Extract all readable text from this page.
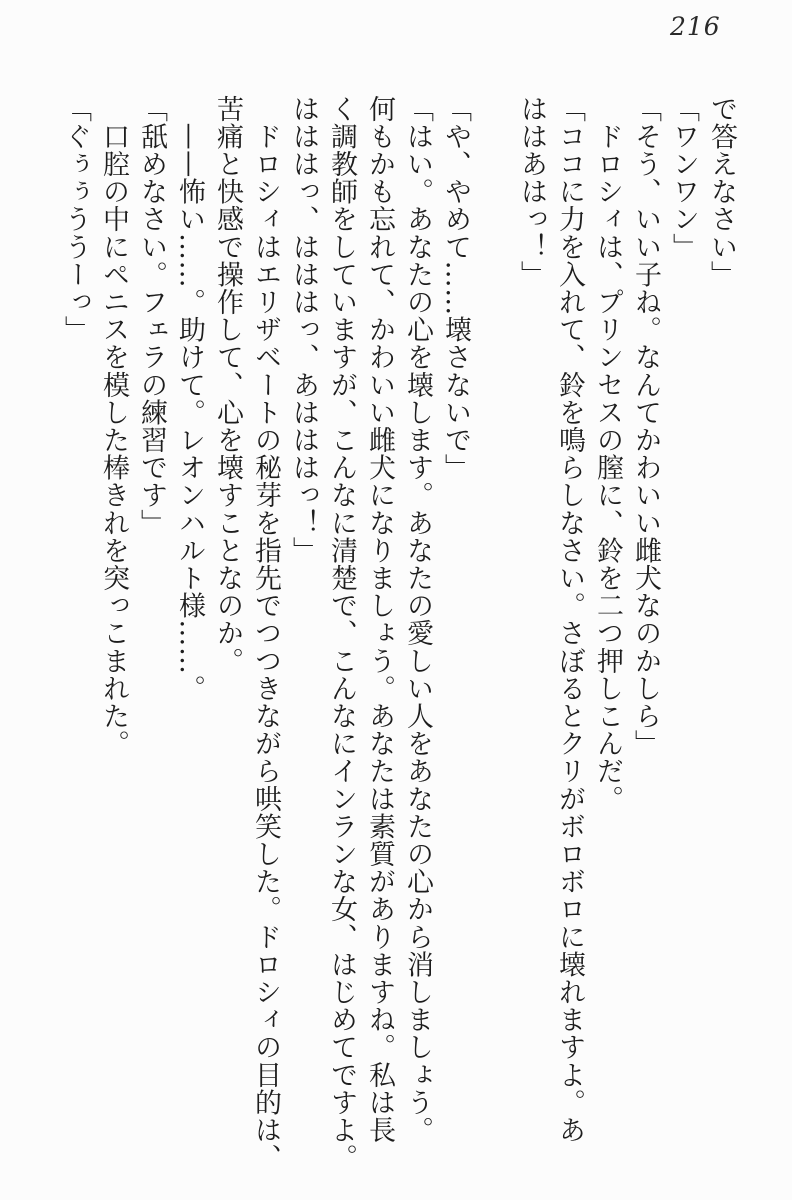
216

で答えなさい」

「ワンワン」

「そう、いい子ね。なんてかわいい雌犬なのかしら」

　ドロシィは、プリンセスの膣に、鈴を二つ押しこんだ。

「ココに力を入れて、鈴を鳴らしなさい。さぼるとクリがボロボロに壊れますよ。あ

ははあはっ！」

「や、やめて……壊さないで」

「はい。あなたの心を壊します。あなたの愛しい人をあなたの心から消しましょう。

何もかも忘れて、かわいい雌犬になりましょう。あなたは素質がありますね。私は長

く調教師をしていますが、こんなに清楚で、こんなにインランな女、はじめてですよ。

はははっ、はははっ、あはははっ！」

　ドロシィはエリザベートの秘芽を指先でつつきながら哄笑した。ドロシィの目的は、

苦痛と快感で操作して、心を壊すことなのか。

　——怖い……。助けて。レオンハルト様……。

「舐めなさい。フェラの練習です」

　口腔の中にペニスを模した棒きれを突っこまれた。

「ぐぅぅううーっ」
